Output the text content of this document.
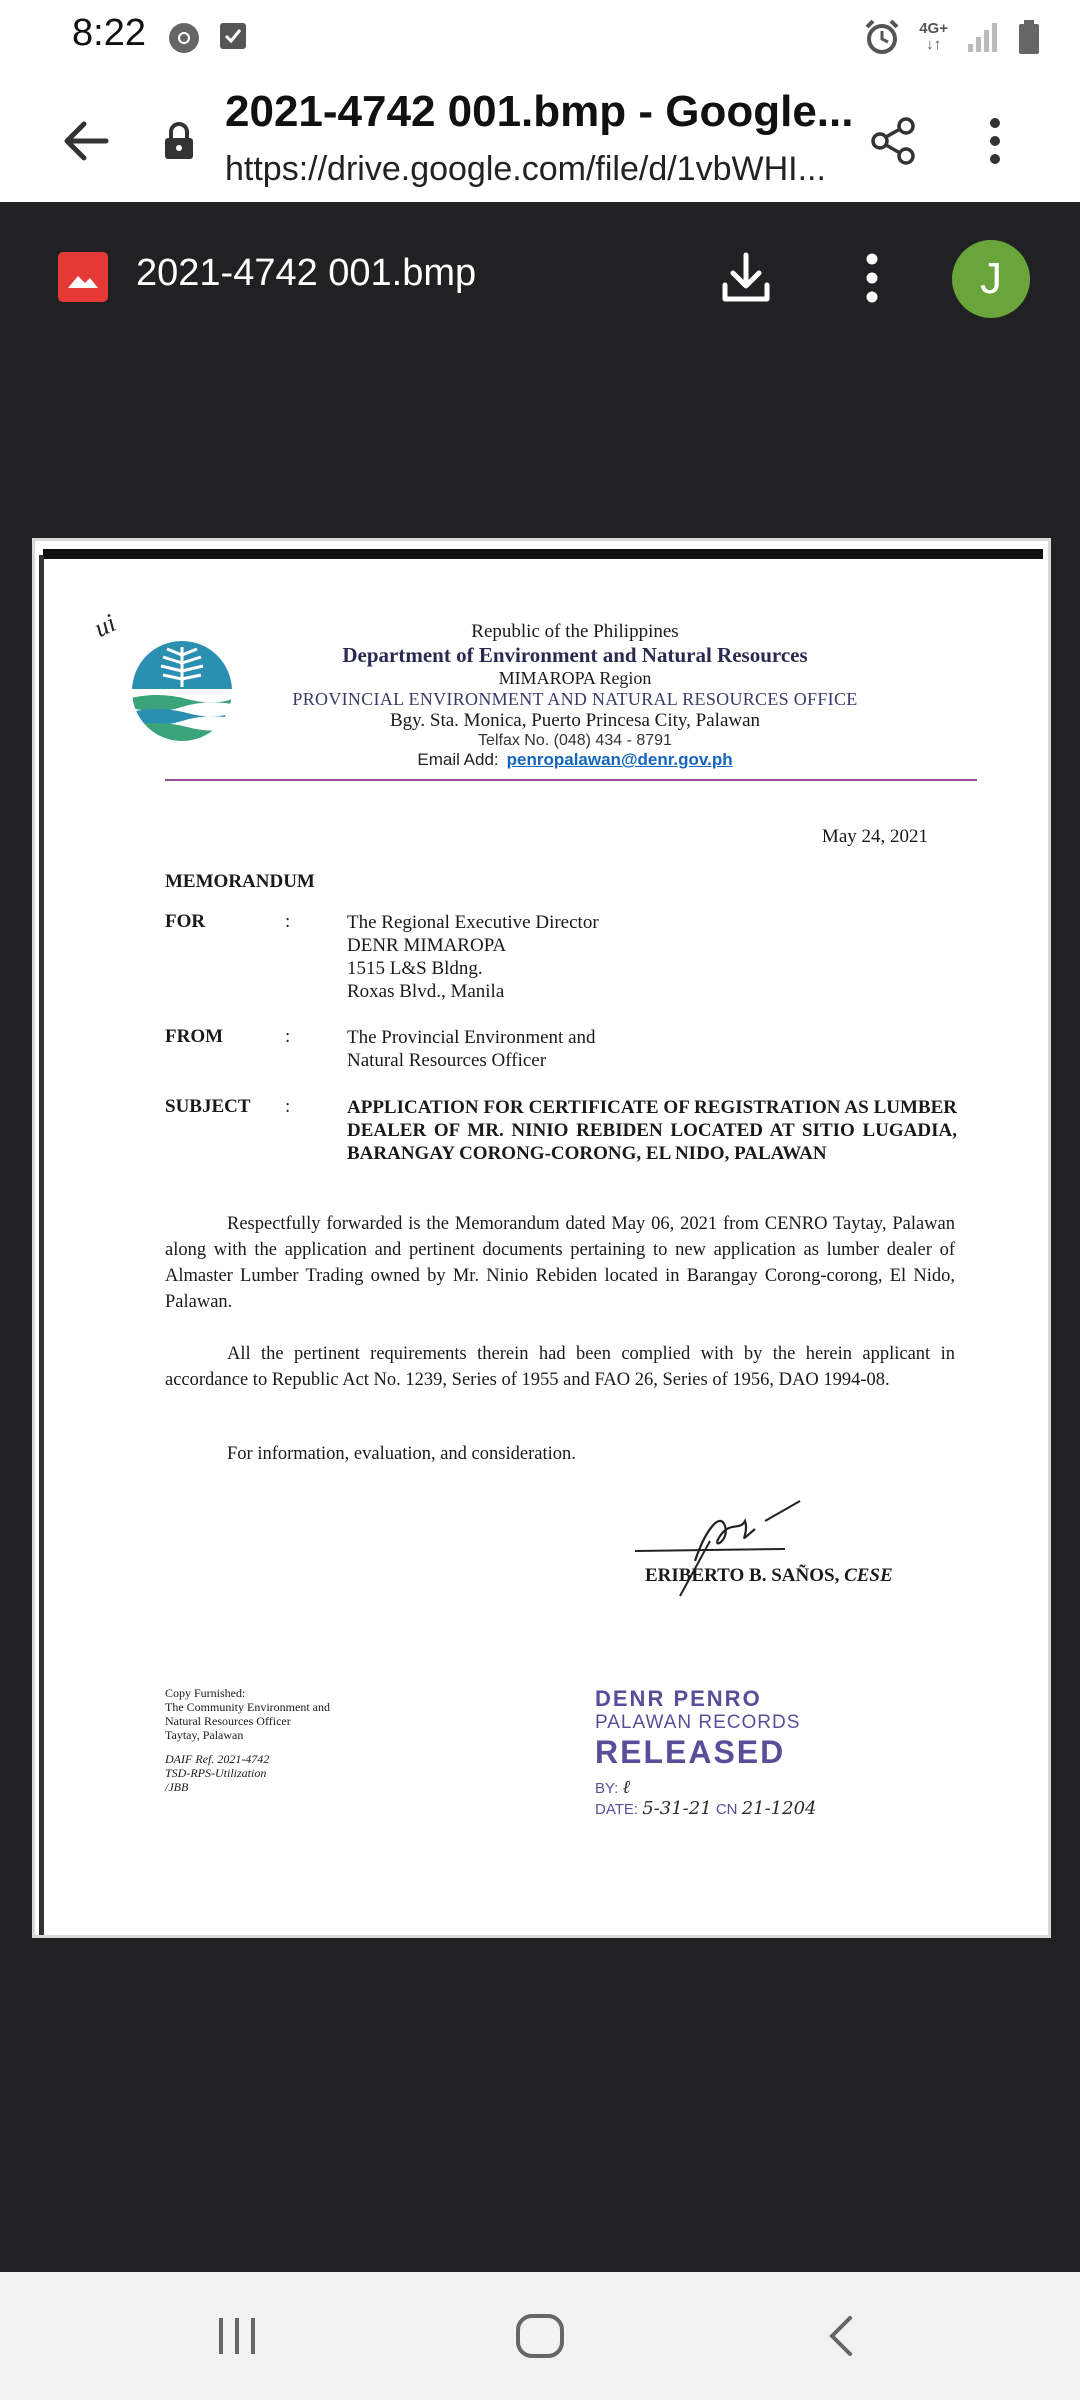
8:22	4G+
↓↑
2021-4742 001.bmp - Google...
https://drive.google.com/file/d/1vbWHI...
2021-4742 001.bmp	J
ui	Republic of the Philippines
Department of Environment and Natural Resources
MIMAROPA Region
PROVINCIAL ENVIRONMENT AND NATURAL RESOURCES OFFICE
Bgy. Sta. Monica, Puerto Princesa City, Palawan
Telfax No. (048) 434 - 8791
Email Add: penropalawan@denr.gov.ph
May 24, 2021
MEMORANDUM
FOR	:	The Regional Executive Director
DENR MIMAROPA
1515 L&S Bldng.
Roxas Blvd., Manila
FROM	:	The Provincial Environment and
Natural Resources Officer
SUBJECT :	APPLICATION FOR CERTIFICATE OF REGISTRATION AS LUMBER DEALER OF MR. NINIO REBIDEN LOCATED AT SITIO LUGADIA, BARANGAY CORONG-CORONG, EL NIDO, PALAWAN
Respectfully forwarded is the Memorandum dated May 06, 2021 from CENRO Taytay, Palawan along with the application and pertinent documents pertaining to new application as lumber dealer of Almaster Lumber Trading owned by Mr. Ninio Rebiden located in Barangay Corong-corong, El Nido, Palawan.
All the pertinent requirements therein had been complied with by the herein applicant in accordance to Republic Act No. 1239, Series of 1955 and FAO 26, Series of 1956, DAO 1994-08.
For information, evaluation, and consideration.
ERIBERTO B. SAÑOS, CESE
Copy Furnished:
The Community Environment and
Natural Resources Officer
Taytay, Palawan
DAIF Ref. 2021-4742
TSD-RPS-Utilization
/JBB
DENR PENRO
PALAWAN RECORDS
RELEASED
BY: ℓ
DATE: 5-31-21 CN 21-1204
